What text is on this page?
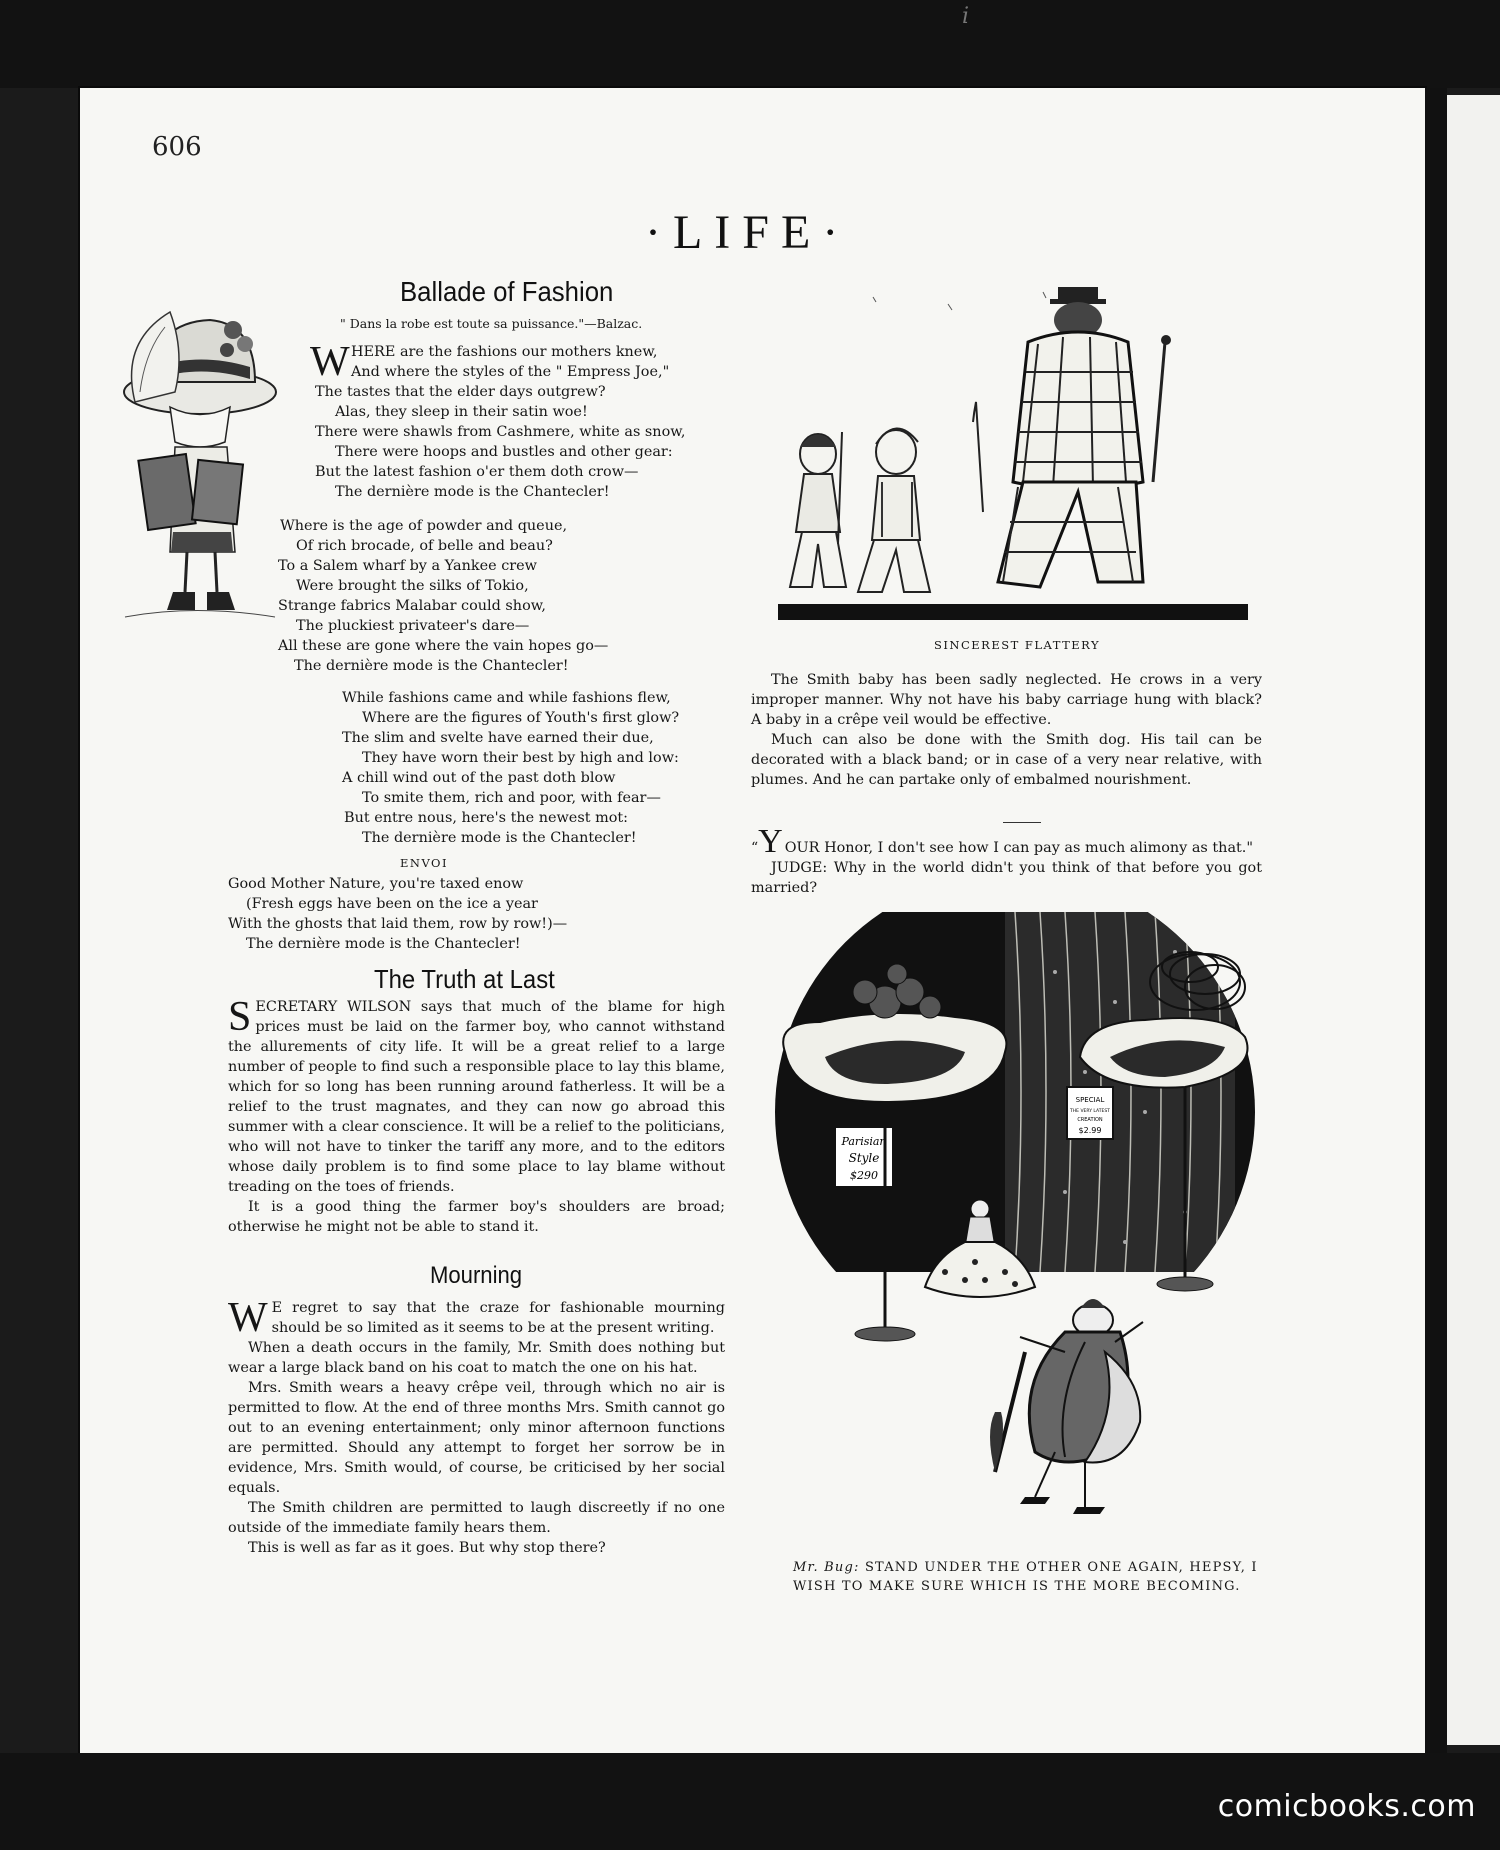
i
comicbooks.com
606
·LIFE·
Ballade of Fashion
" Dans la robe est toute sa puissance."—Balzac.
W HERE are the fashions our mothers knew,

And where the styles of the " Empress Joe,"

The tastes that the elder days outgrew?

Alas, they sleep in their satin woe!

There were shawls from Cashmere, white as snow,

There were hoops and bustles and other gear:

But the latest fashion o'er them doth crow—

The dernière mode is the Chantecler!

Where is the age of powder and queue,

Of rich brocade, of belle and beau?

To a Salem wharf by a Yankee crew

Were brought the silks of Tokio,

Strange fabrics Malabar could show,

The pluckiest privateer's dare—

All these are gone where the vain hopes go—

The dernière mode is the Chantecler!

While fashions came and while fashions flew,

Where are the figures of Youth's first glow?

The slim and svelte have earned their due,

They have worn their best by high and low:

A chill wind out of the past doth blow

To smite them, rich and poor, with fear—

But entre nous, here's the newest mot:

The dernière mode is the Chantecler!

ENVOI

Good Mother Nature, you're taxed enow

(Fresh eggs have been on the ice a year

With the ghosts that laid them, row by row!)—

The dernière mode is the Chantecler!

The Truth at Last

SECRETARY WILSON says that much of the blame for high prices must be laid on the farmer boy, who cannot withstand the allurements of city life. It will be a great relief to a large number of people to find such a responsible place to lay this blame, which for so long has been running around fatherless. It will be a relief to the trust magnates, and they can now go abroad this summer with a clear conscience. It will be a relief to the politicians, who will not have to tinker the tariff any more, and to the editors whose daily problem is to find some place to lay blame without treading on the toes of friends.

It is a good thing the farmer boy's shoulders are broad; otherwise he might not be able to stand it.

Mourning

W E regret to say that the craze for fashionable mourning should be so limited as it seems to be at the present writing.

When a death occurs in the family, Mr. Smith does nothing but wear a large black band on his coat to match the one on his hat.

Mrs. Smith wears a heavy crêpe veil, through which no air is permitted to flow. At the end of three months Mrs. Smith cannot go out to an evening entertainment; only minor afternoon functions are permitted. Should any attempt to forget her sorrow be in evidence, Mrs. Smith would, of course, be criticised by her social equals.

The Smith children are permitted to laugh discreetly if no one outside of the immediate family hears them.

This is well as far as it goes. But why stop there?

SINCEREST FLATTERY

The Smith baby has been sadly neglected. He crows in a very improper manner. Why not have his baby carriage hung with black? A baby in a crêpe veil would be effective.

Much can also be done with the Smith dog. His tail can be decorated with a black band; or in case of a very near relative, with plumes. And he can partake only of embalmed nourishment.

“Y OUR Honor, I don't see how I can pay as much alimony as that."

JUDGE: Why in the world didn't you think of that before you got married?

Parisian
Style
$290
SPECIAL
THE VERY LATEST
CREATION
$2.99
Mr. Bug: STAND UNDER THE OTHER ONE AGAIN, HEPSY, I
WISH TO MAKE SURE WHICH IS THE MORE BECOMING.
